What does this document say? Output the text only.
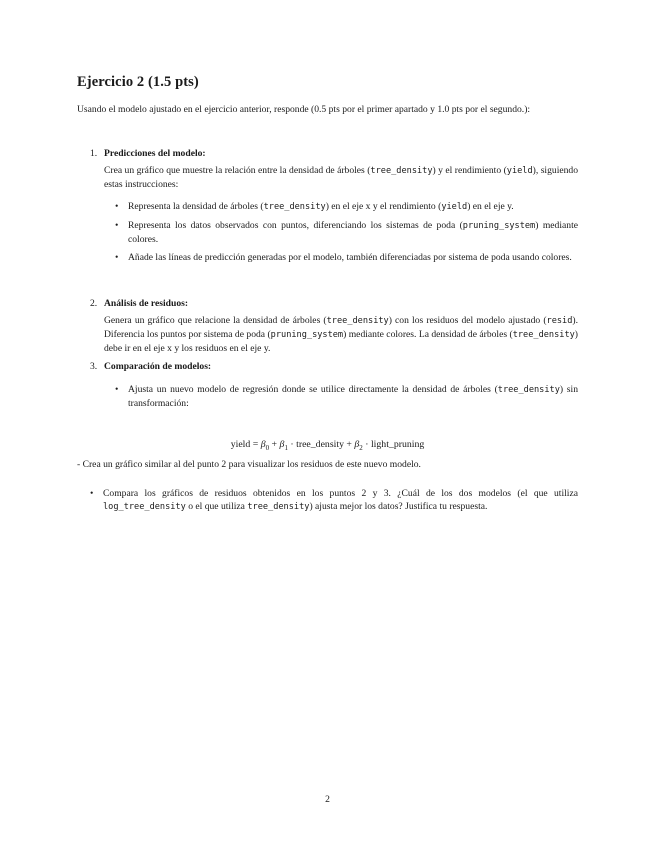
Ejercicio 2 (1.5 pts)
Usando el modelo ajustado en el ejercicio anterior, responde (0.5 pts por el primer apartado y 1.0 pts por el segundo.):
1. Predicciones del modelo:
Crea un gráfico que muestre la relación entre la densidad de árboles (tree_density) y el rendimiento (yield), siguiendo estas instrucciones:
• Representa la densidad de árboles (tree_density) en el eje x y el rendimiento (yield) en el eje y.
• Representa los datos observados con puntos, diferenciando los sistemas de poda (pruning_system) mediante colores.
• Añade las líneas de predicción generadas por el modelo, también diferenciadas por sistema de poda usando colores.
2. Análisis de residuos:
Genera un gráfico que relacione la densidad de árboles (tree_density) con los residuos del modelo ajustado (resid). Diferencia los puntos por sistema de poda (pruning_system) mediante colores. La densidad de árboles (tree_density) debe ir en el eje x y los residuos en el eje y.
3. Comparación de modelos:
• Ajusta un nuevo modelo de regresión donde se utilice directamente la densidad de árboles (tree_density) sin transformación:
yield = $\beta_0 + \beta_1$ · tree_density + $\beta_2$ · light_pruning
- Crea un gráfico similar al del punto 2 para visualizar los residuos de este nuevo modelo.
• Compara los gráficos de residuos obtenidos en los puntos 2 y 3. ¿Cuál de los dos modelos (el que utiliza log_tree_density o el que utiliza tree_density) ajusta mejor los datos? Justifica tu respuesta.
2
